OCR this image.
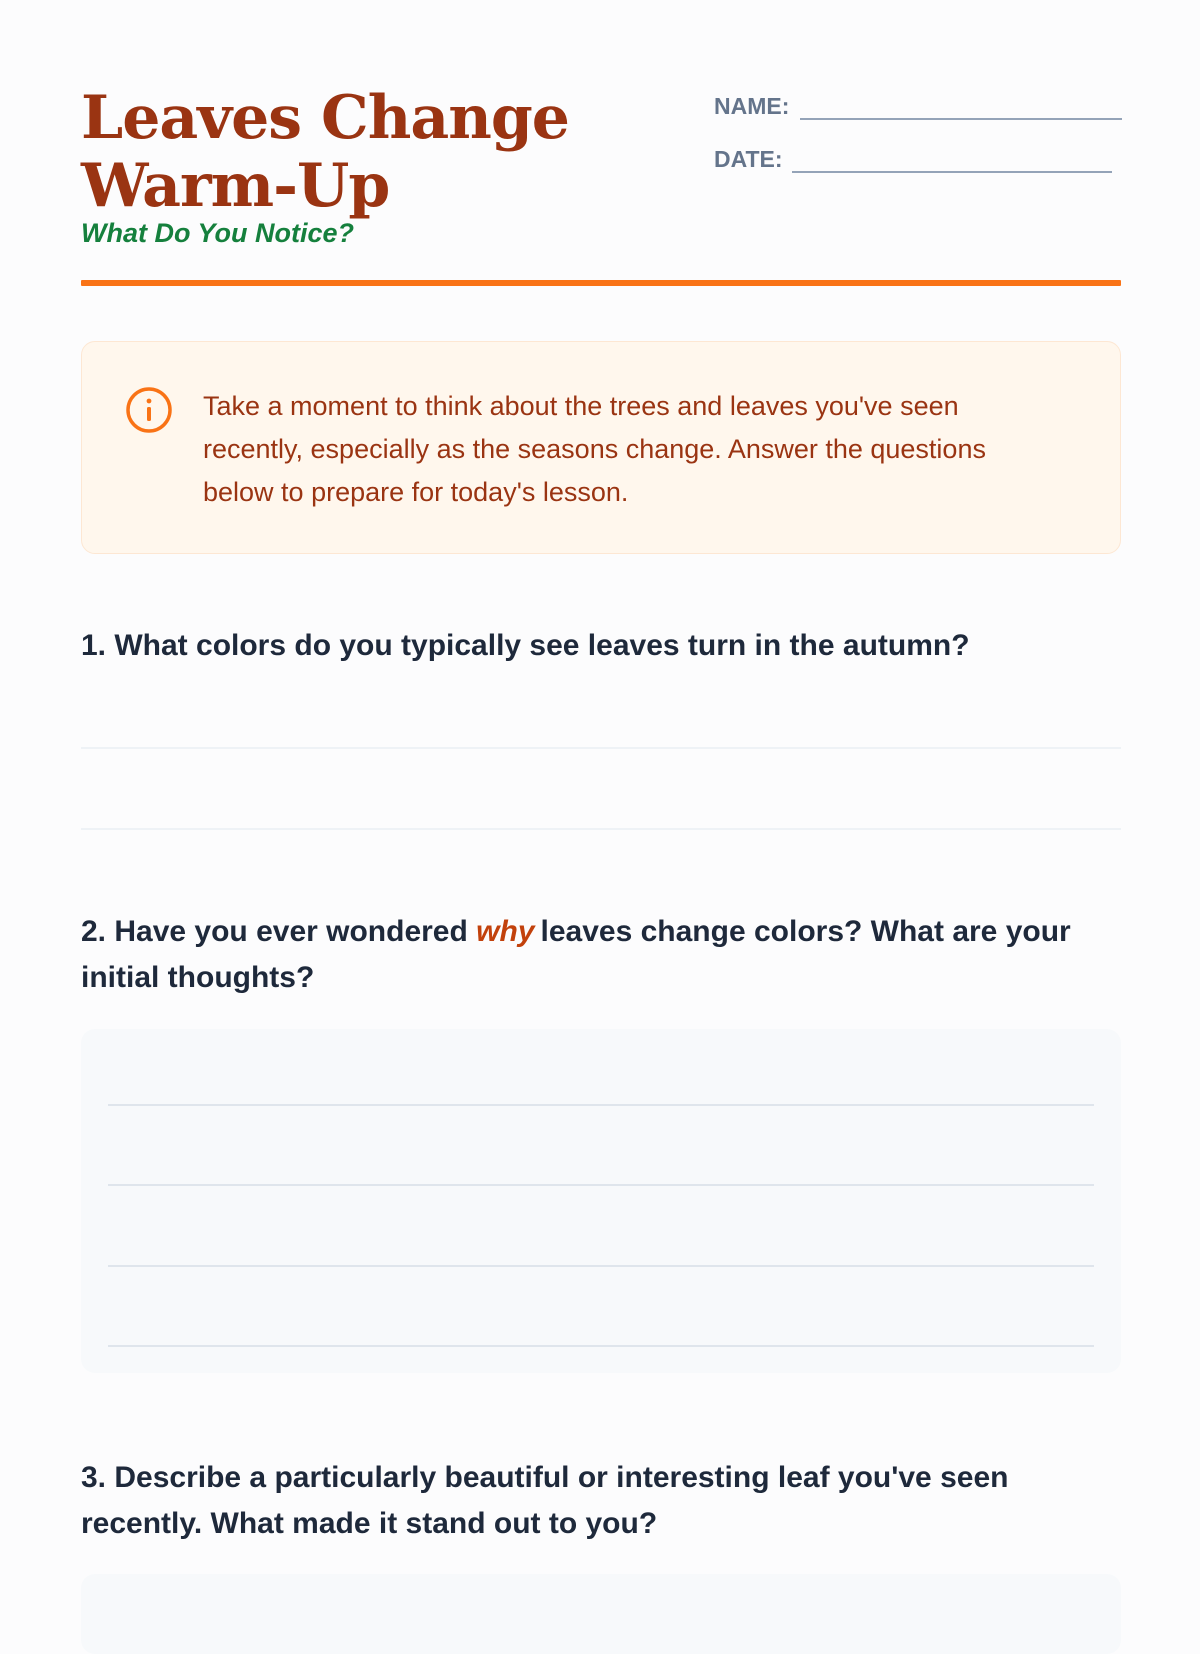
Leaves Change Warm-Up

What Do You Notice?

NAME:
DATE:

Take a moment to think about the trees and leaves you've seen recently, especially as the seasons change. Answer the questions below to prepare for today's lesson.

1. What colors do you typically see leaves turn in the autumn?

2. Have you ever wondered why leaves change colors? What are your initial thoughts?

3. Describe a particularly beautiful or interesting leaf you've seen recently. What made it stand out to you?
